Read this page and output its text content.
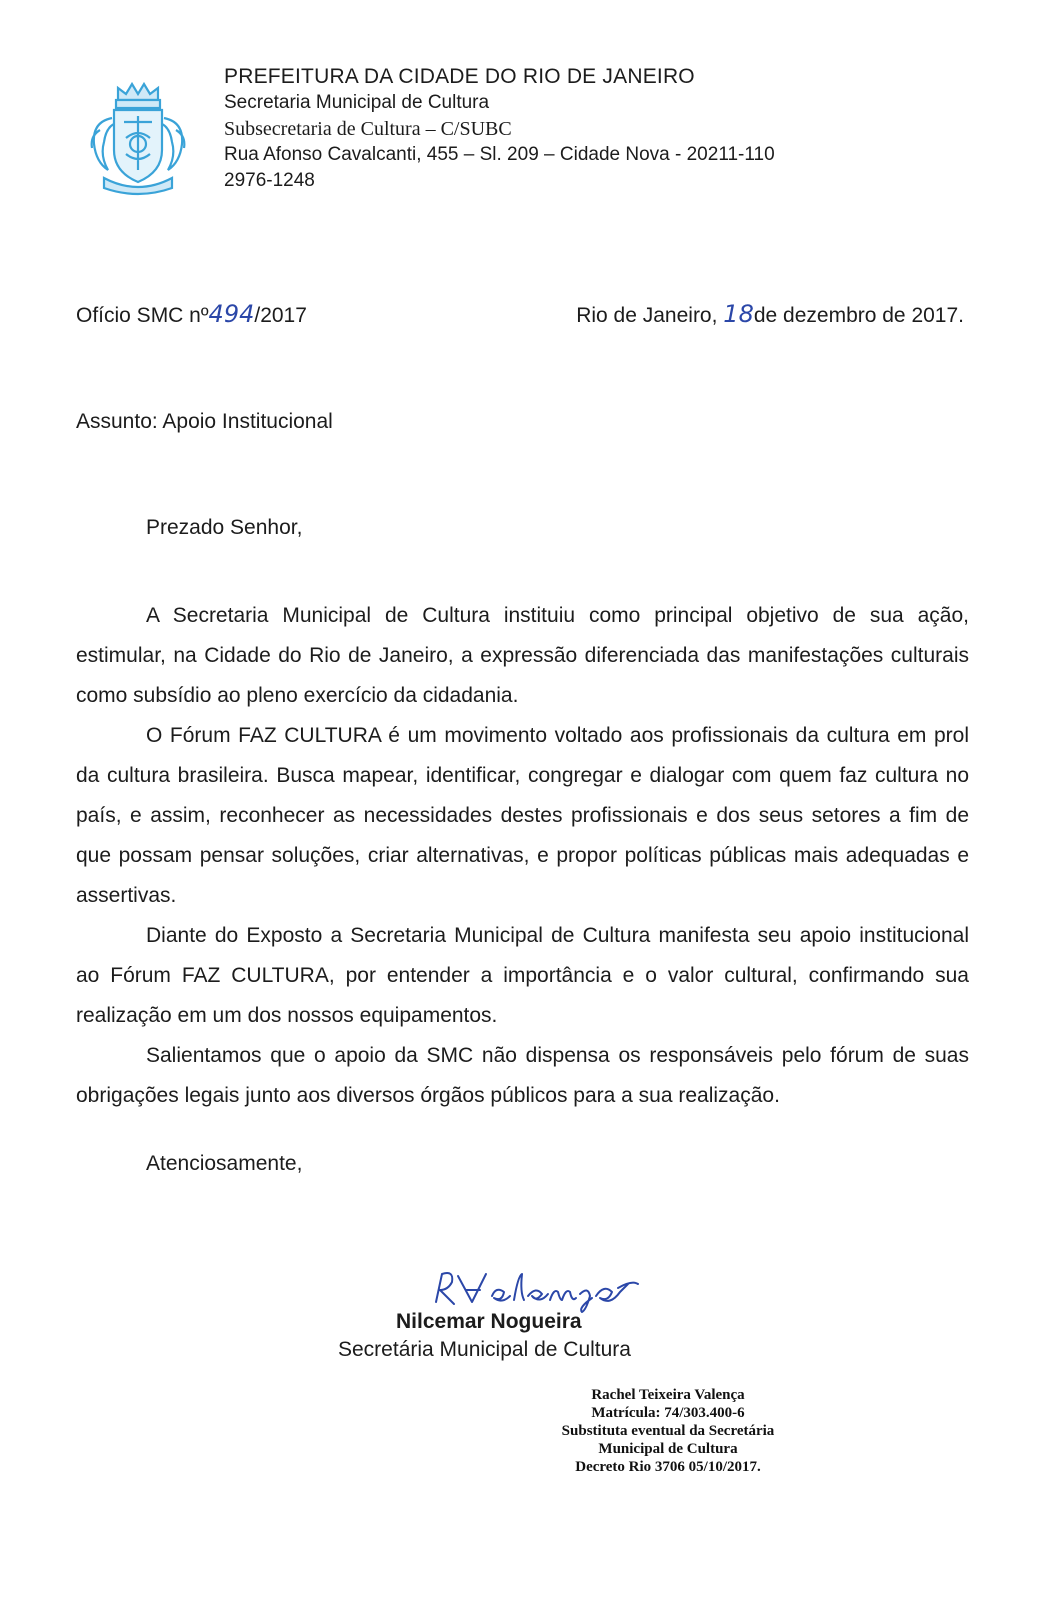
PREFEITURA DA CIDADE DO RIO DE JANEIRO
Secretaria Municipal de Cultura
Subsecretaria de Cultura – C/SUBC
Rua Afonso Cavalcanti, 455 – Sl. 209 – Cidade Nova - 20211-110
2976-1248
Ofício SMC nº494/2017	Rio de Janeiro, 18de dezembro de 2017.
Assunto: Apoio Institucional
Prezado Senhor,

A Secretaria Municipal de Cultura instituiu como principal objetivo de sua ação, estimular, na Cidade do Rio de Janeiro, a expressão diferenciada das manifestações culturais como subsídio ao pleno exercício da cidadania.

O Fórum FAZ CULTURA é um movimento voltado aos profissionais da cultura em prol da cultura brasileira. Busca mapear, identificar, congregar e dialogar com quem faz cultura no país, e assim, reconhecer as necessidades destes profissionais e dos seus setores a fim de que possam pensar soluções, criar alternativas, e propor políticas públicas mais adequadas e assertivas.

Diante do Exposto a Secretaria Municipal de Cultura manifesta seu apoio institucional ao Fórum FAZ CULTURA, por entender a importância e o valor cultural, confirmando sua realização em um dos nossos equipamentos.

Salientamos que o apoio da SMC não dispensa os responsáveis pelo fórum de suas obrigações legais junto aos diversos órgãos públicos para a sua realização.

Atenciosamente,
Nilcemar Nogueira
Secretária Municipal de Cultura
Rachel Teixeira Valença
Matrícula: 74/303.400-6
Substituta eventual da Secretária
Municipal de Cultura
Decreto Rio 3706 05/10/2017.
